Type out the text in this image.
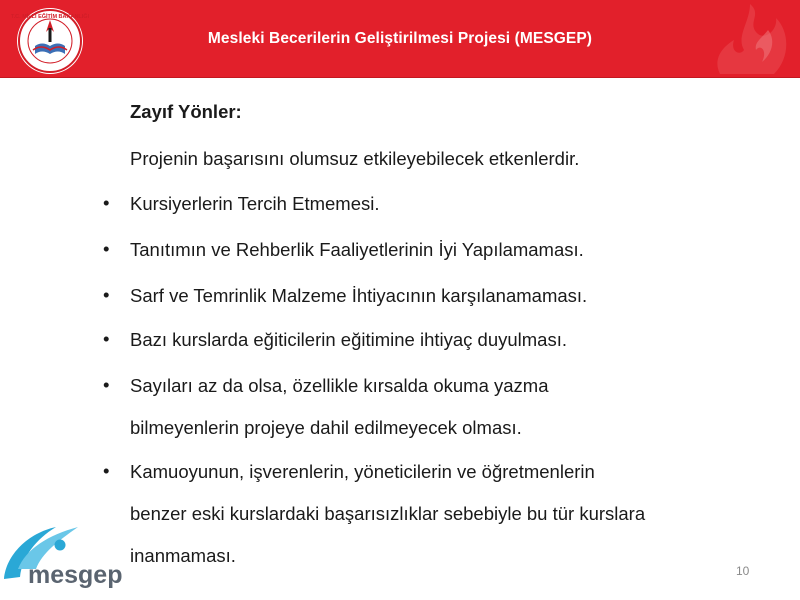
T.C. MİLLİ EĞİTİM BAKANLIĞI
Mesleki Becerilerin Geliştirilmesi Projesi (MESGEP)
Zayıf Yönler:
Projenin başarısını olumsuz etkileyebilecek etkenlerdir.
• Kursiyerlerin Tercih Etmemesi.
• Tanıtımın ve Rehberlik Faaliyetlerinin İyi Yapılamaması.
• Sarf ve Temrinlik Malzeme İhtiyacının karşılanamaması.
• Bazı kurslarda eğiticilerin eğitimine ihtiyaç duyulması.
• Sayıları az da olsa, özellikle kırsalda okuma yazma
bilmeyenlerin projeye dahil edilmeyecek olması.
• Kamuoyunun, işverenlerin, yöneticilerin ve öğretmenlerin
benzer eski kurslardaki başarısızlıklar sebebiyle bu tür kurslara
inanmaması.
mesgep	10
